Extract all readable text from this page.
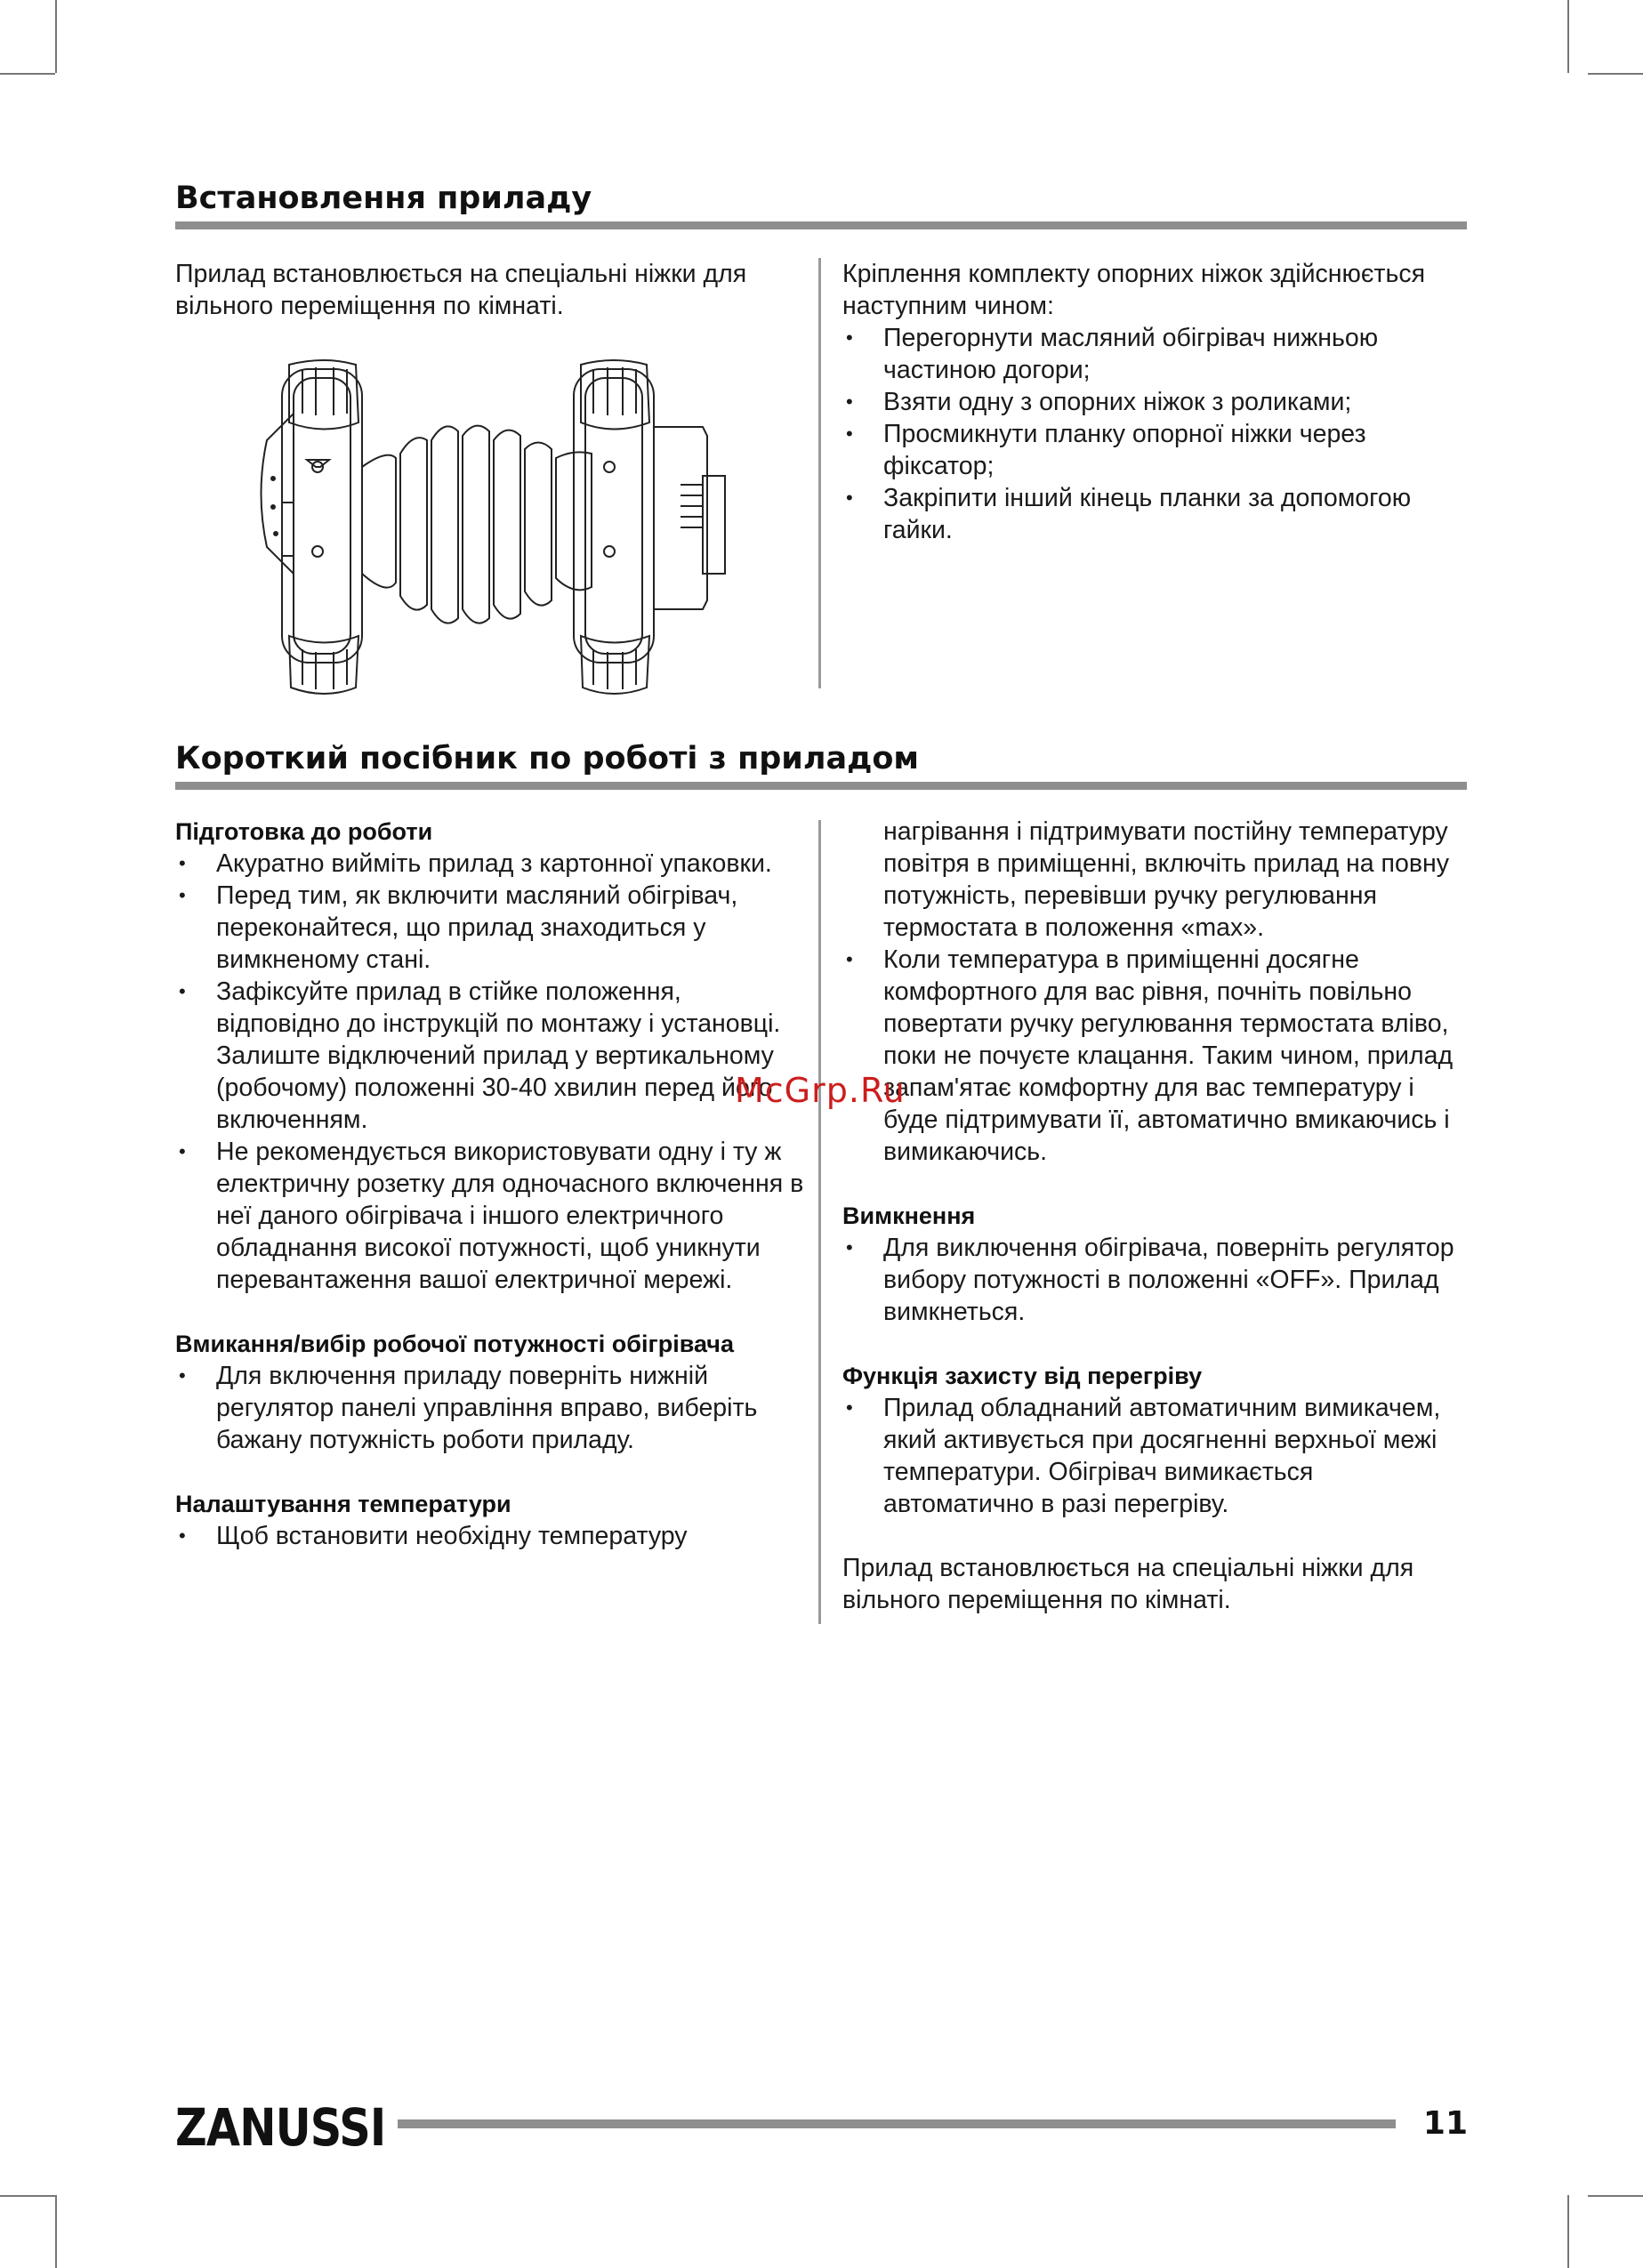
Встановлення приладу

Прилад встановлюється на спеціальні ніжки для вільного переміщення по кімнаті.

Кріплення комплекту опорних ніжок здійснюється наступним чином:

• Перегорнути масляний обігрівач нижньою частиною догори;
• Взяти одну з опорних ніжок з роликами;
• Просмикнути планку опорної ніжки через фіксатор;
• Закріпити інший кінець планки за допомогою гайки.
Короткий посібник по роботі з приладом

Підготовка до роботи

• Акуратно вийміть прилад з картонної упаковки.
• Перед тим, як включити масляний обігрівач, переконайтеся, що прилад знаходиться у вимкненому стані.
• Зафіксуйте прилад в стійке положення, відповідно до інструкцій по монтажу і установці. Залиште відключений прилад у вертикальному (робочому) положенні 30-40 хвилин перед його включенням.
• Не рекомендується використовувати одну і ту ж електричну розетку для одночасного включення в неї даного обігрівача і іншого електричного обладнання високої потужності, щоб уникнути перевантаження вашої електричної мережі.

Вмикання/вибір робочої потужності обігрівача

• Для включення приладу поверніть нижній регулятор панелі управління вправо, виберіть бажану потужність роботи приладу.

Налаштування температури

• Щоб встановити необхідну температуру

нагрівання і підтримувати постійну температуру повітря в приміщенні, включіть прилад на повну потужність, перевівши ручку регулювання термостата в положення «max».

• Коли температура в приміщенні досягне комфортного для вас рівня, почніть повільно повертати ручку регулювання термостата вліво, поки не почуєте клацання. Таким чином, прилад запам'ятає комфортну для вас температуру і буде підтримувати її, автоматично вмикаючись і вимикаючись.

Вимкнення

• Для виключення обігрівача, поверніть регулятор вибору потужності в положенні «OFF». Прилад вимкнеться.

Функція захисту від перегріву

• Прилад обладнаний автоматичним вимикачем, який активується при досягненні верхньої межі температури. Обігрівач вимикаєтьcя автоматично в разі перегріву.

Прилад встановлюється на спеціальні ніжки для вільного переміщення по кімнаті.

McGrp.Ru
ZANUSSI	11
